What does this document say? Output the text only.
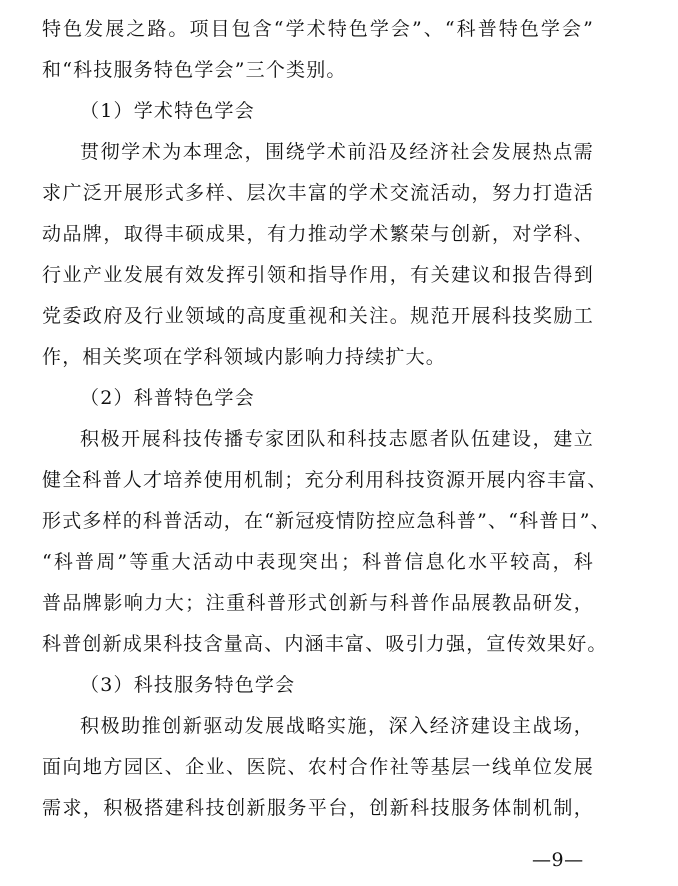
特色发展之路。项目包含“学术特色学会”、“科普特色学会”
和“科技服务特色学会”三个类别。
（1）学术特色学会
贯彻学术为本理念，围绕学术前沿及经济社会发展热点需
求广泛开展形式多样、层次丰富的学术交流活动，努力打造活
动品牌，取得丰硕成果，有力推动学术繁荣与创新，对学科、
行业产业发展有效发挥引领和指导作用，有关建议和报告得到
党委政府及行业领域的高度重视和关注。规范开展科技奖励工
作，相关奖项在学科领域内影响力持续扩大。
（2）科普特色学会
积极开展科技传播专家团队和科技志愿者队伍建设，建立
健全科普人才培养使用机制；充分利用科技资源开展内容丰富、
形式多样的科普活动，在“新冠疫情防控应急科普”、“科普日”、
“科普周”等重大活动中表现突出；科普信息化水平较高，科
普品牌影响力大；注重科普形式创新与科普作品展教品研发，
科普创新成果科技含量高、内涵丰富、吸引力强，宣传效果好。
（3）科技服务特色学会
积极助推创新驱动发展战略实施，深入经济建设主战场，
面向地方园区、企业、医院、农村合作社等基层一线单位发展
需求，积极搭建科技创新服务平台，创新科技服务体制机制，
—9—
